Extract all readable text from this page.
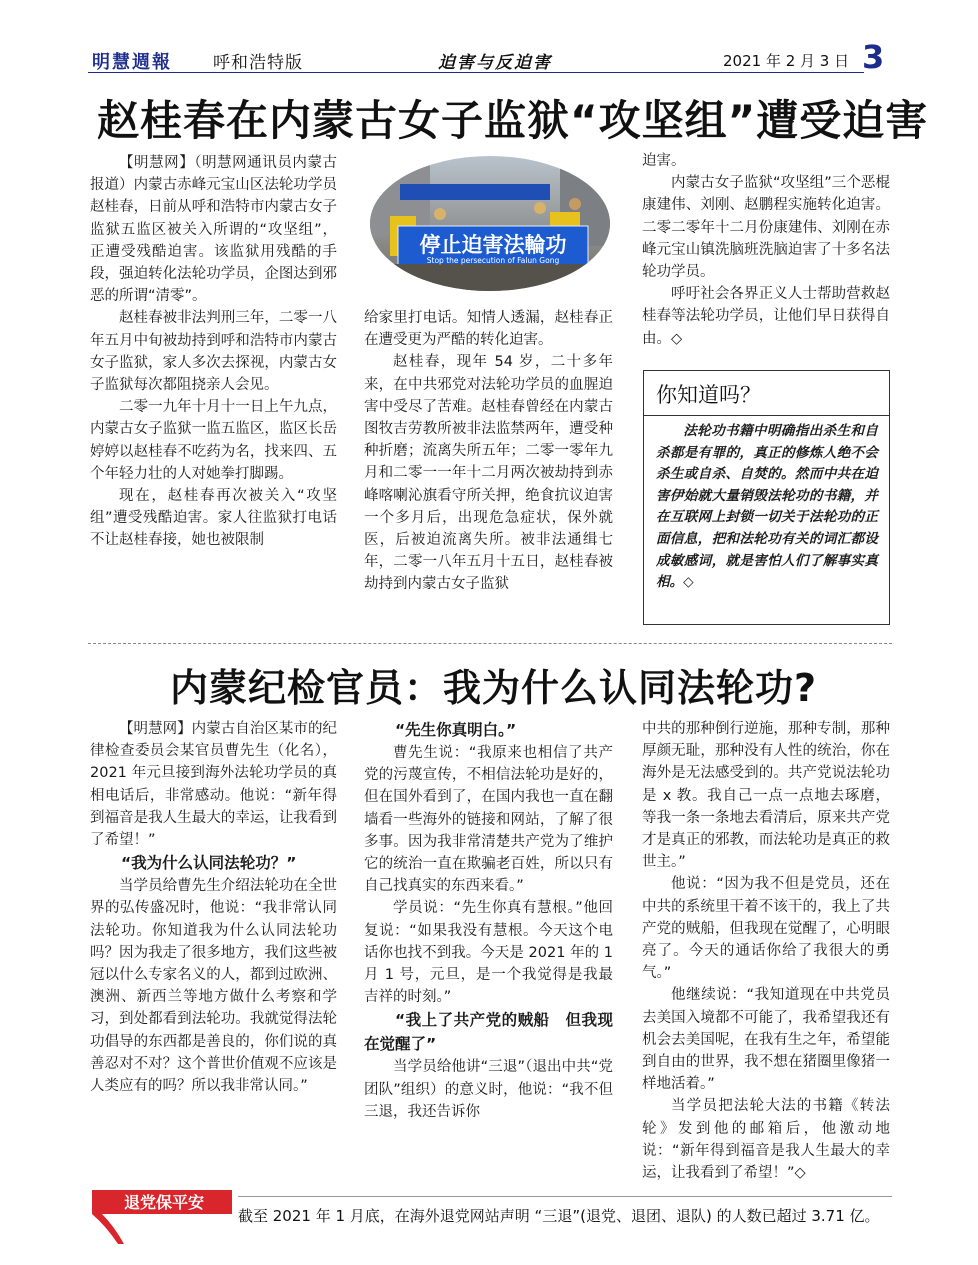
明慧週報 呼和浩特版	迫害与反迫害	2021 年 2 月 3 日 3
赵桂春在内蒙古女子监狱“攻坚组”遭受迫害

【明慧网】（明慧网通讯员内蒙古报道）内蒙古赤峰元宝山区法轮功学员赵桂春，日前从呼和浩特市内蒙古女子监狱五监区被关入所谓的“攻坚组”，正遭受残酷迫害。该监狱用残酷的手段，强迫转化法轮功学员，企图达到邪恶的所谓“清零”。

赵桂春被非法判刑三年，二零一八年五月中旬被劫持到呼和浩特市内蒙古女子监狱，家人多次去探视，内蒙古女子监狱每次都阻挠亲人会见。

二零一九年十月十一日上午九点，内蒙古女子监狱一监五监区，监区长岳婷婷以赵桂春不吃药为名，找来四、五个年轻力壮的人对她拳打脚踢。

现在，赵桂春再次被关入“攻坚组”遭受残酷迫害。家人往监狱打电话不让赵桂春接，她也被限制

停止迫害法輪功
Stop the persecution of Falun Gong

给家里打电话。知情人透漏，赵桂春正在遭受更为严酷的转化迫害。

赵桂春，现年 54 岁，二十多年来，在中共邪党对法轮功学员的血腥迫害中受尽了苦难。赵桂春曾经在内蒙古图牧吉劳教所被非法监禁两年，遭受种种折磨；流离失所五年；二零一零年九月和二零一一年十二月两次被劫持到赤峰喀喇沁旗看守所关押，绝食抗议迫害一个多月后，出现危急症状，保外就医，后被迫流离失所。被非法通缉七年，二零一八年五月十五日，赵桂春被劫持到内蒙古女子监狱

迫害。

内蒙古女子监狱“攻坚组”三个恶棍康建伟、刘刚、赵鹏程实施转化迫害。二零二零年十二月份康建伟、刘刚在赤峰元宝山镇洗脑班洗脑迫害了十多名法轮功学员。

呼吁社会各界正义人士帮助营救赵桂春等法轮功学员，让他们早日获得自由。◇

你知道吗？
法轮功书籍中明确指出杀生和自杀都是有罪的，真正的修炼人绝不会杀生或自杀、自焚的。然而中共在迫害伊始就大量销毁法轮功的书籍，并在互联网上封锁一切关于法轮功的正面信息，把和法轮功有关的词汇都设成敏感词，就是害怕人们了解事实真相。◇
内蒙纪检官员：我为什么认同法轮功?

【明慧网】内蒙古自治区某市的纪律检查委员会某官员曹先生（化名），2021 年元旦接到海外法轮功学员的真相电话后，非常感动。他说：“新年得到福音是我人生最大的幸运，让我看到了希望！”

“我为什么认同法轮功？”

当学员给曹先生介绍法轮功在全世界的弘传盛况时，他说：“我非常认同法轮功。你知道我为什么认同法轮功吗？因为我走了很多地方，我们这些被冠以什么专家名义的人，都到过欧洲、澳洲、新西兰等地方做什么考察和学习，到处都看到法轮功。我就觉得法轮功倡导的东西都是善良的，你们说的真善忍对不对？这个普世价值观不应该是人类应有的吗？所以我非常认同。”

“先生你真明白。”

曹先生说：“我原来也相信了共产党的污蔑宣传，不相信法轮功是好的，但在国外看到了，在国内我也一直在翻墙看一些海外的链接和网站，了解了很多事。因为我非常清楚共产党为了维护它的统治一直在欺骗老百姓，所以只有自己找真实的东西来看。”

学员说：“先生你真有慧根。”他回复说：“如果我没有慧根。今天这个电话你也找不到我。今天是 2021 年的 1 月 1 号，元旦，是一个我觉得是我最吉祥的时刻。”

“我上了共产党的贼船　但我现在觉醒了”

当学员给他讲“三退”（退出中共“党团队”组织）的意义时，他说：“我不但三退，我还告诉你

中共的那种倒行逆施，那种专制，那种厚颜无耻，那种没有人性的统治，你在海外是无法感受到的。共产党说法轮功是 x 教。我自己一点一点地去琢磨，等我一条一条地去看清后，原来共产党才是真正的邪教，而法轮功是真正的救世主。”

他说：“因为我不但是党员，还在中共的系统里干着不该干的，我上了共产党的贼船，但我现在觉醒了，心明眼亮了。今天的通话你给了我很大的勇气。”

他继续说：“我知道现在中共党员去美国入境都不可能了，我希望我还有机会去美国呢，在我有生之年，希望能到自由的世界，我不想在猪圈里像猪一样地活着。”

当学员把法轮大法的书籍《转法轮》发到他的邮箱后，他激动地说：“新年得到福音是我人生最大的幸运，让我看到了希望！”◇

退党保平安
截至 2021 年 1 月底，在海外退党网站声明 “三退”(退党、退团、退队) 的人数已超过 3.71 亿。
